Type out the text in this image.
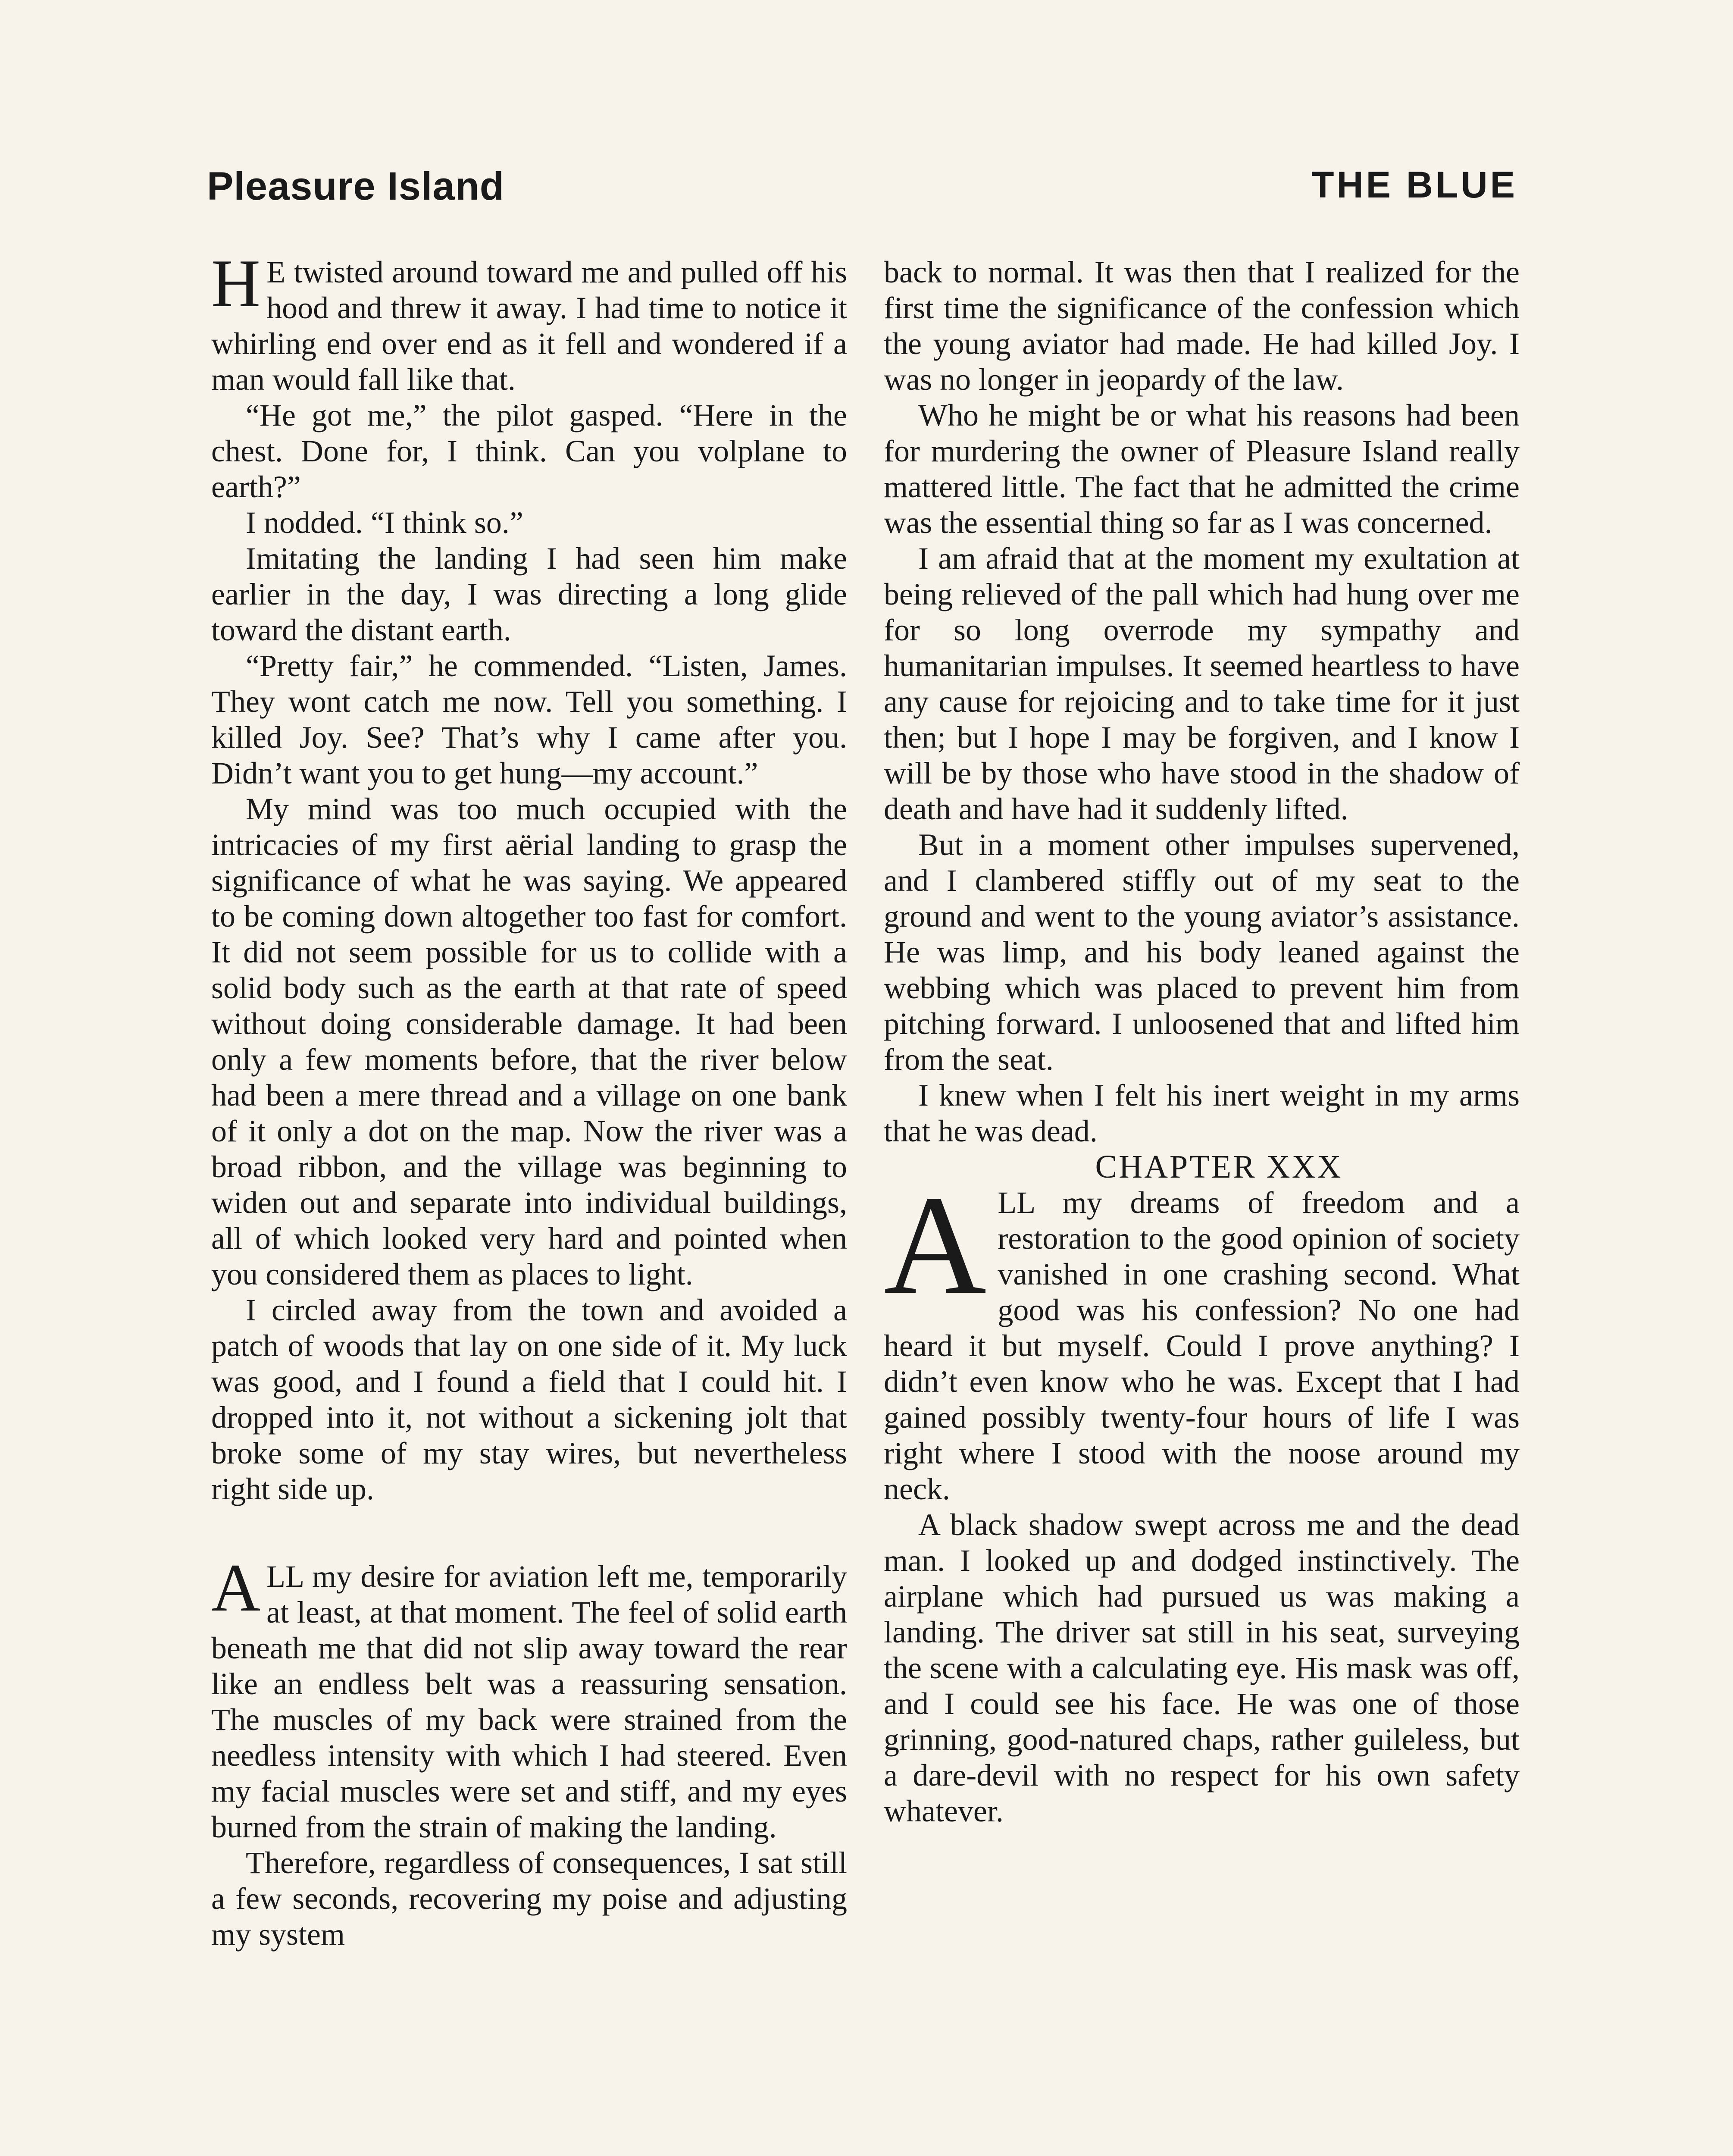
Pleasure Island	THE BLUE

H E twisted around toward me and pulled off his hood and threw it away. I had time to notice it whirling end over end as it fell and wondered if a man would fall like that.

“He got me,” the pilot gasped. “Here in the chest. Done for, I think. Can you volplane to earth?”

I nodded. “I think so.”

Imitating the landing I had seen him make earlier in the day, I was directing a long glide toward the distant earth.

“Pretty fair,” he commended. “Listen, James. They wont catch me now. Tell you something. I killed Joy. See? That’s why I came after you. Didn’t want you to get hung—my account.”

My mind was too much occupied with the intricacies of my first aërial landing to grasp the significance of what he was saying. We appeared to be coming down altogether too fast for comfort. It did not seem possible for us to collide with a solid body such as the earth at that rate of speed without doing considerable damage. It had been only a few moments before, that the river below had been a mere thread and a village on one bank of it only a dot on the map. Now the river was a broad ribbon, and the village was beginning to widen out and separate into individual buildings, all of which looked very hard and pointed when you considered them as places to light.

I circled away from the town and avoided a patch of woods that lay on one side of it. My luck was good, and I found a field that I could hit. I dropped into it, not without a sickening jolt that broke some of my stay wires, but nevertheless right side up.

ALL my desire for aviation left me, temporarily at least, at that moment. The feel of solid earth beneath me that did not slip away toward the rear like an endless belt was a reassuring sensation. The muscles of my back were strained from the needless intensity with which I had steered. Even my facial muscles were set and stiff, and my eyes burned from the strain of making the landing.

Therefore, regardless of consequences, I sat still a few seconds, recovering my poise and adjusting my system

back to normal. It was then that I realized for the first time the significance of the confession which the young aviator had made. He had killed Joy. I was no longer in jeopardy of the law.

Who he might be or what his reasons had been for murdering the owner of Pleasure Island really mattered little. The fact that he admitted the crime was the essential thing so far as I was concerned.

I am afraid that at the moment my exultation at being relieved of the pall which had hung over me for so long overrode my sympathy and humanitarian impulses. It seemed heartless to have any cause for rejoicing and to take time for it just then; but I hope I may be forgiven, and I know I will be by those who have stood in the shadow of death and have had it suddenly lifted.

But in a moment other impulses supervened, and I clambered stiffly out of my seat to the ground and went to the young aviator’s assistance. He was limp, and his body leaned against the webbing which was placed to prevent him from pitching forward. I unloosened that and lifted him from the seat.

I knew when I felt his inert weight in my arms that he was dead.

CHAPTER XXX

ALL my dreams of freedom and a restoration to the good opinion of society vanished in one crashing second. What good was his confession? No one had heard it but myself. Could I prove anything? I didn’t even know who he was. Except that I had gained possibly twenty-four hours of life I was right where I stood with the noose around my neck.

A black shadow swept across me and the dead man. I looked up and dodged instinctively. The airplane which had pursued us was making a landing. The driver sat still in his seat, surveying the scene with a calculating eye. His mask was off, and I could see his face. He was one of those grinning, good-natured chaps, rather guileless, but a dare-devil with no respect for his own safety whatever.
